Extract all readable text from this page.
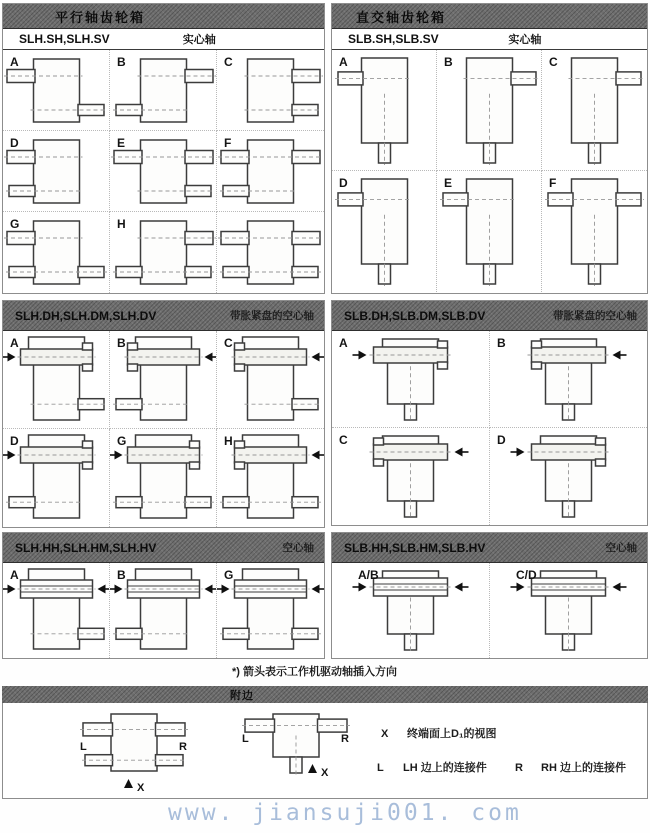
平行轴齿轮箱
SLH.SH,SLH.SV	实心轴
A	B	C
D	E	F
G	H
直交轴齿轮箱
SLB.SH,SLB.SV	实心轴
A	B	C
D	E	F
SLH.DH,SLH.DM,SLH.DV	带胀紧盘的空心轴
A	B	C
D	G	H
SLB.DH,SLB.DM,SLB.DV	带胀紧盘的空心轴
A	B
C	D
SLH.HH,SLH.HM,SLH.HV	空心轴
A	B	G
SLB.HH,SLB.HM,SLB.HV	空心轴
A/B	C/D
*) 箭头表示工作机驱动轴插入方向
附边
L	R
X
L	R
X
X 终端面上D₁的视图
L LH 边上的连接件	R RH 边上的连接件
www. jiansuji001. com
